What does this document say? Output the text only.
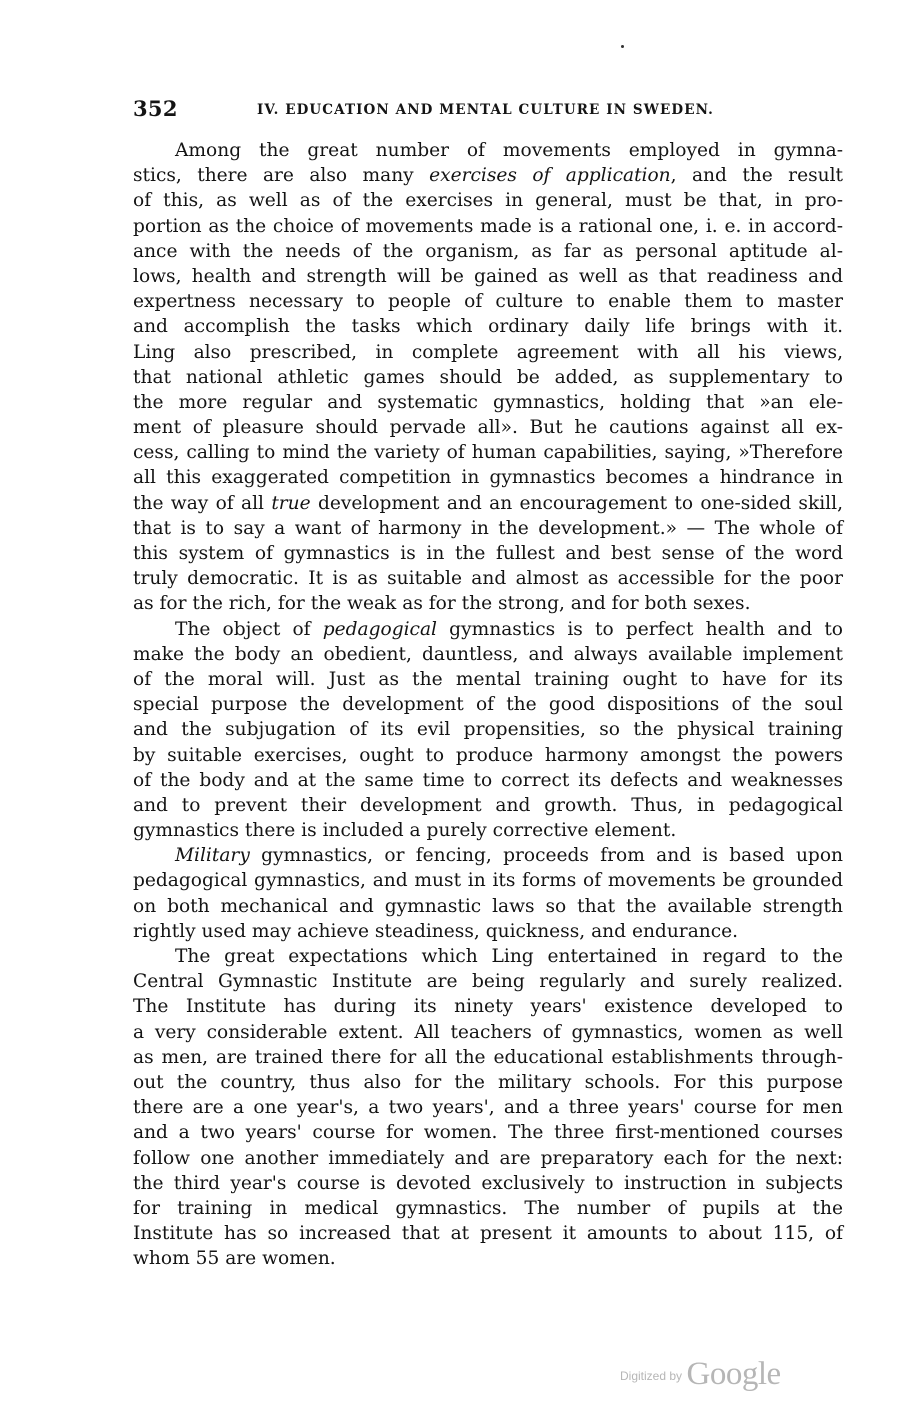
352	IV. EDUCATION AND MENTAL CULTURE IN SWEDEN.
Among the great number of movements employed in gymna-
stics, there are also many exercises of application, and the result
of this, as well as of the exercises in general, must be that, in pro-
portion as the choice of movements made is a rational one, i. e. in accord-
ance with the needs of the organism, as far as personal aptitude al-
lows, health and strength will be gained as well as that readiness and
expertness necessary to people of culture to enable them to master
and accomplish the tasks which ordinary daily life brings with it.
Ling also prescribed, in complete agreement with all his views,
that national athletic games should be added, as supplementary to
the more regular and systematic gymnastics, holding that »an ele-
ment of pleasure should pervade all». But he cautions against all ex-
cess, calling to mind the variety of human capabilities, saying, »Therefore
all this exaggerated competition in gymnastics becomes a hindrance in
the way of all true development and an encouragement to one-sided skill,
that is to say a want of harmony in the development.» — The whole of
this system of gymnastics is in the fullest and best sense of the word
truly democratic. It is as suitable and almost as accessible for the poor
as for the rich, for the weak as for the strong, and for both sexes.
The object of pedagogical gymnastics is to perfect health and to
make the body an obedient, dauntless, and always available implement
of the moral will. Just as the mental training ought to have for its
special purpose the development of the good dispositions of the soul
and the subjugation of its evil propensities, so the physical training
by suitable exercises, ought to produce harmony amongst the powers
of the body and at the same time to correct its defects and weaknesses
and to prevent their development and growth. Thus, in pedagogical
gymnastics there is included a purely corrective element.
Military gymnastics, or fencing, proceeds from and is based upon
pedagogical gymnastics, and must in its forms of movements be grounded
on both mechanical and gymnastic laws so that the available strength
rightly used may achieve steadiness, quickness, and endurance.
The great expectations which Ling entertained in regard to the
Central Gymnastic Institute are being regularly and surely realized.
The Institute has during its ninety years' existence developed to
a very considerable extent. All teachers of gymnastics, women as well
as men, are trained there for all the educational establishments through-
out the country, thus also for the military schools. For this purpose
there are a one year's, a two years', and a three years' course for men
and a two years' course for women. The three first-mentioned courses
follow one another immediately and are preparatory each for the next:
the third year's course is devoted exclusively to instruction in subjects
for training in medical gymnastics. The number of pupils at the
Institute has so increased that at present it amounts to about 115, of
whom 55 are women.
$^{Digitized by}$ Google
